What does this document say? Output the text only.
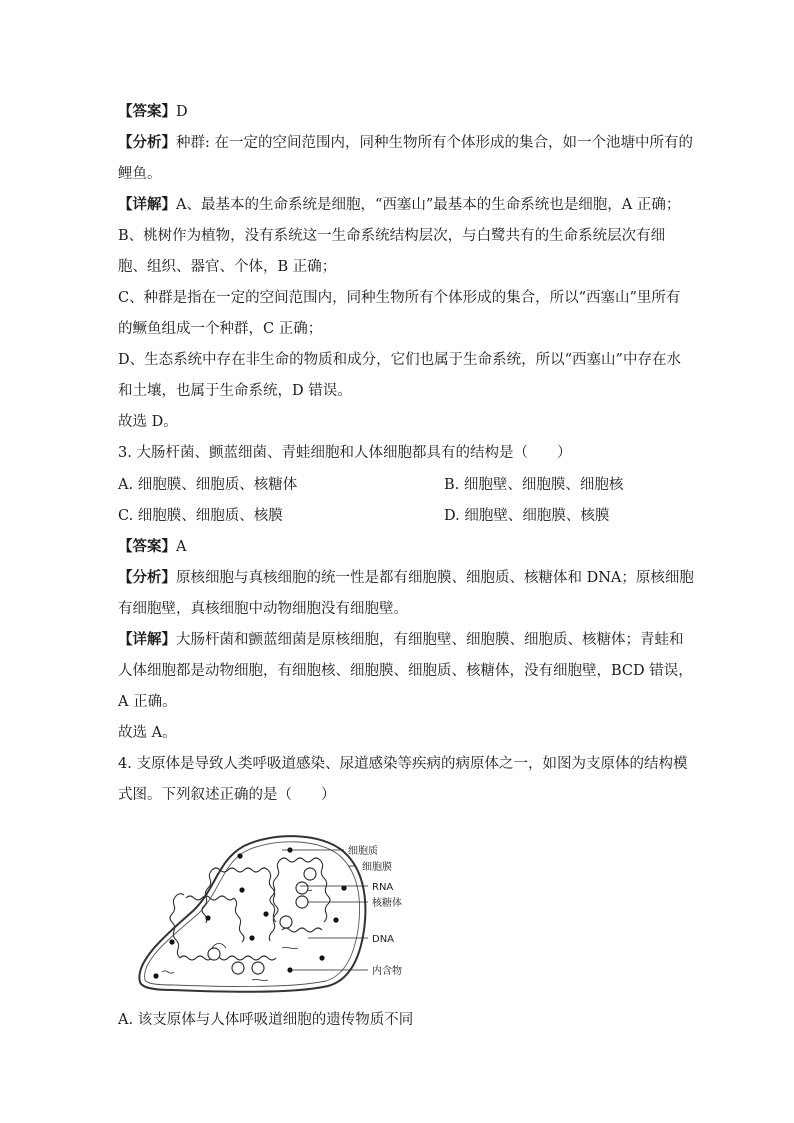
【答案】D
【分析】种群: 在一定的空间范围内，同种生物所有个体形成的集合，如一个池塘中所有的
鲤鱼。
【详解】A、最基本的生命系统是细胞，“西塞山”最基本的生命系统也是细胞，A 正确；
B、桃树作为植物，没有系统这一生命系统结构层次，与白鹭共有的生命系统层次有细
胞、组织、器官、个体，B 正确；
C、种群是指在一定的空间范围内，同种生物所有个体形成的集合，所以“西塞山”里所有
的鳜鱼组成一个种群，C 正确；
D、生态系统中存在非生命的物质和成分，它们也属于生命系统，所以“西塞山”中存在水
和土壤，也属于生命系统，D 错误。
故选 D。
3. 大肠杆菌、颤蓝细菌、青蛙细胞和人体细胞都具有的结构是（　　）
A. 细胞膜、细胞质、核糖体	B. 细胞壁、细胞膜、细胞核
C. 细胞膜、细胞质、核膜	D. 细胞壁、细胞膜、核膜
【答案】A
【分析】原核细胞与真核细胞的统一性是都有细胞膜、细胞质、核糖体和 DNA；原核细胞
有细胞壁，真核细胞中动物细胞没有细胞壁。
【详解】大肠杆菌和颤蓝细菌是原核细胞，有细胞壁、细胞膜、细胞质、核糖体；青蛙和
人体细胞都是动物细胞，有细胞核、细胞膜、细胞质、核糖体，没有细胞壁，BCD 错误，
A 正确。
故选 A。
4. 支原体是导致人类呼吸道感染、尿道感染等疾病的病原体之一，如图为支原体的结构模
式图。下列叙述正确的是（　　）
细胞质
细胞膜
RNA
核糖体
DNA
内含物
A. 该支原体与人体呼吸道细胞的遗传物质不同
